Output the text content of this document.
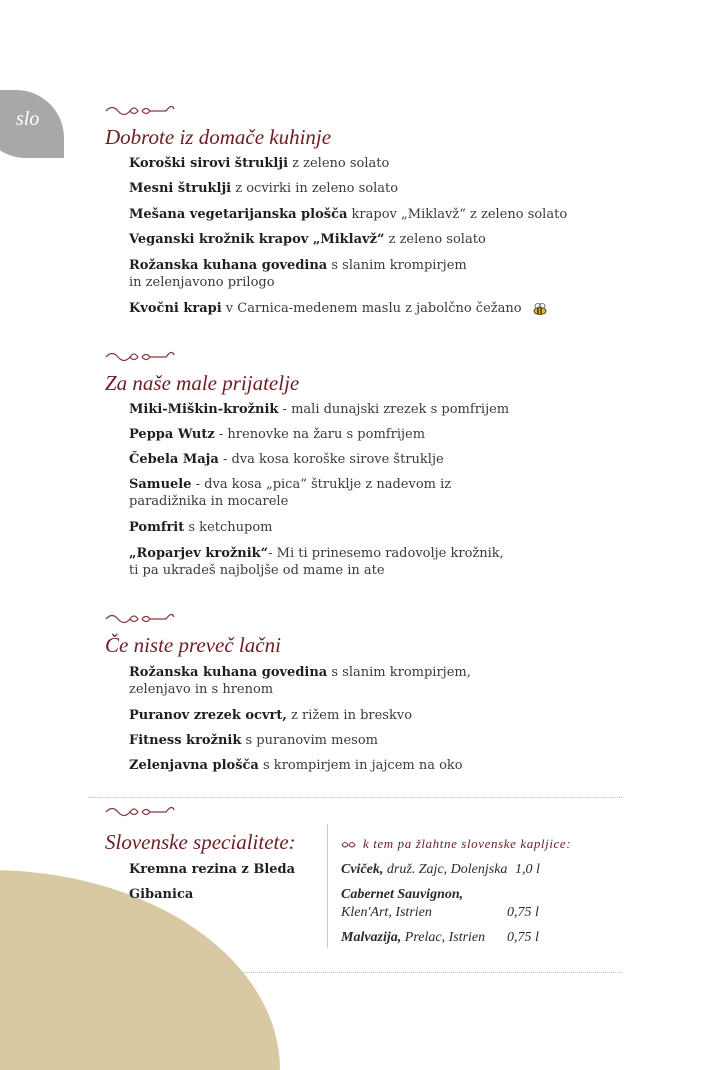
slo
Dobrote iz domače kuhinje
Koroški sirovi štruklji z zeleno solato
Mesni štruklji z ocvirki in zeleno solato
Mešana vegetarijanska plošča krapov „Miklavž“ z zeleno solato
Veganski krožnik krapov „Miklavž“ z zeleno solato
Rožanska kuhana govedina s slanim krompirjem
in zelenjavono prilogo
Kvočni krapi v Carnica-medenem maslu z jabolčno čežano
Za naše male prijatelje
Miki-Miškin-krožnik - mali dunajski zrezek s pomfrijem
Peppa Wutz - hrenovke na žaru s pomfrijem
Čebela Maja - dva kosa koroške sirove štruklje
Samuele - dva kosa „pica“ štruklje z nadevom iz
paradižnika in mocarele
Pomfrit s ketchupom
„Roparjev krožnik“- Mi ti prinesemo radovolje krožnik,
ti pa ukradeš najboljše od mame in ate
Če niste preveč lačni
Rožanska kuhana govedina s slanim krompirjem,
zelenjavo in s hrenom
Puranov zrezek ocvrt, z rižem in breskvo
Fitness krožnik s puranovim mesom
Zelenjavna plošča s krompirjem in jajcem na oko
Slovenske specialitete:
Kremna rezina z Bleda
Gibanica
k tem pa žlahtne slovenske kapljice:
Cviček, druž. Zajc, Dolenjska 1,0 l
Cabernet Sauvignon,
Klen'Art, Istrien	0,75 l
Malvazija, Prelac, Istrien 0,75 l
